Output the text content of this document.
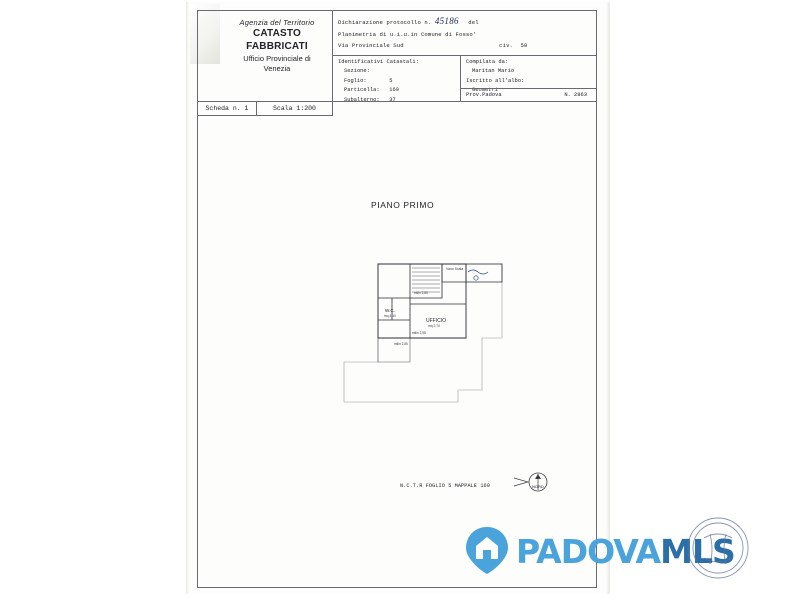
Agenzia del Territorio
CATASTO FABBRICATI
Ufficio Provinciale di
Venezia
Scheda n. 1	Scala 1:200
Dichiarazione protocollo n. 45186 del
Planimetria di u.i.u.in Comune di Fosso'
Via Provinciale Sud	civ. 59
Identificativi Catastali:
Sezione:
Foglio:	5
Particella: 169
Subalterno: 37
Compilata da:
Maritan Mario
Iscritto all'albo:
Geometri
Prov.Padova	N. 2863
PIANO PRIMO
W.C.
mq 4,10
UFFICIO
mq 2,70
Vano Scala
mtlin 2,85
mtlin 2,95
mtlin 2,85
N.C.T.R FOGLIO 5 MAPPALE 169	NORD
PADOVAMLS
